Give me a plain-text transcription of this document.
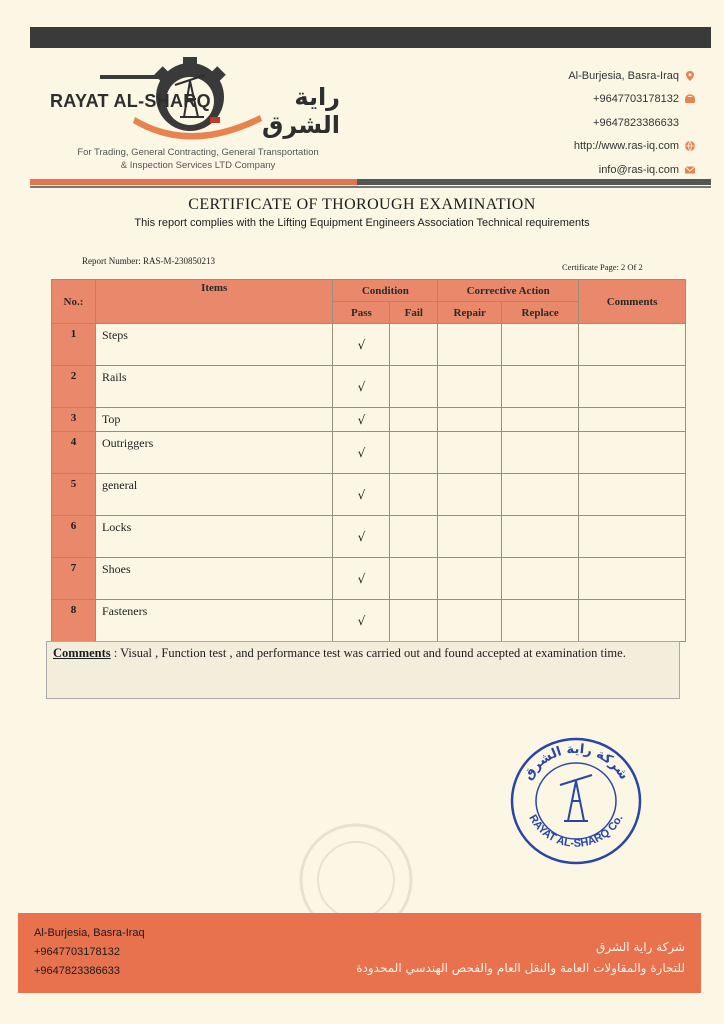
RAYAT AL-SHARQ	راية الشرق
For Trading, General Contracting, General Transportation
& Inspection Services LTD Company
Al-Burjesia, Basra-Iraq
+9647703178132
+9647823386633
http://www.ras-iq.com
info@ras-iq.com
CERTIFICATE OF THOROUGH EXAMINATION
This report complies with the Lifting Equipment Engineers Association Technical requirements
Report Number: RAS-M-230850213
Certificate Page: 2 Of 2
No.:	Items	Condition		Corrective Action		Comments
		Pass	Fail	Repair	Replace	
1	Steps	√				
2	Rails	√				
3	Top	√				
4	Outriggers	√				
5	general	√				
6	Locks	√				
7	Shoes	√				
8	Fasteners	√				
Comments : Visual , Function test , and performance test was carried out and found accepted at examination time.
شركة راية الشرق
RAYAT AL-SHARQ Co.
Al-Burjesia, Basra-Iraq
+9647703178132
+9647823386633
شركة راية الشرق
للتجارة والمقاولات العامة والنقل العام والفحص الهندسي المحدودة
